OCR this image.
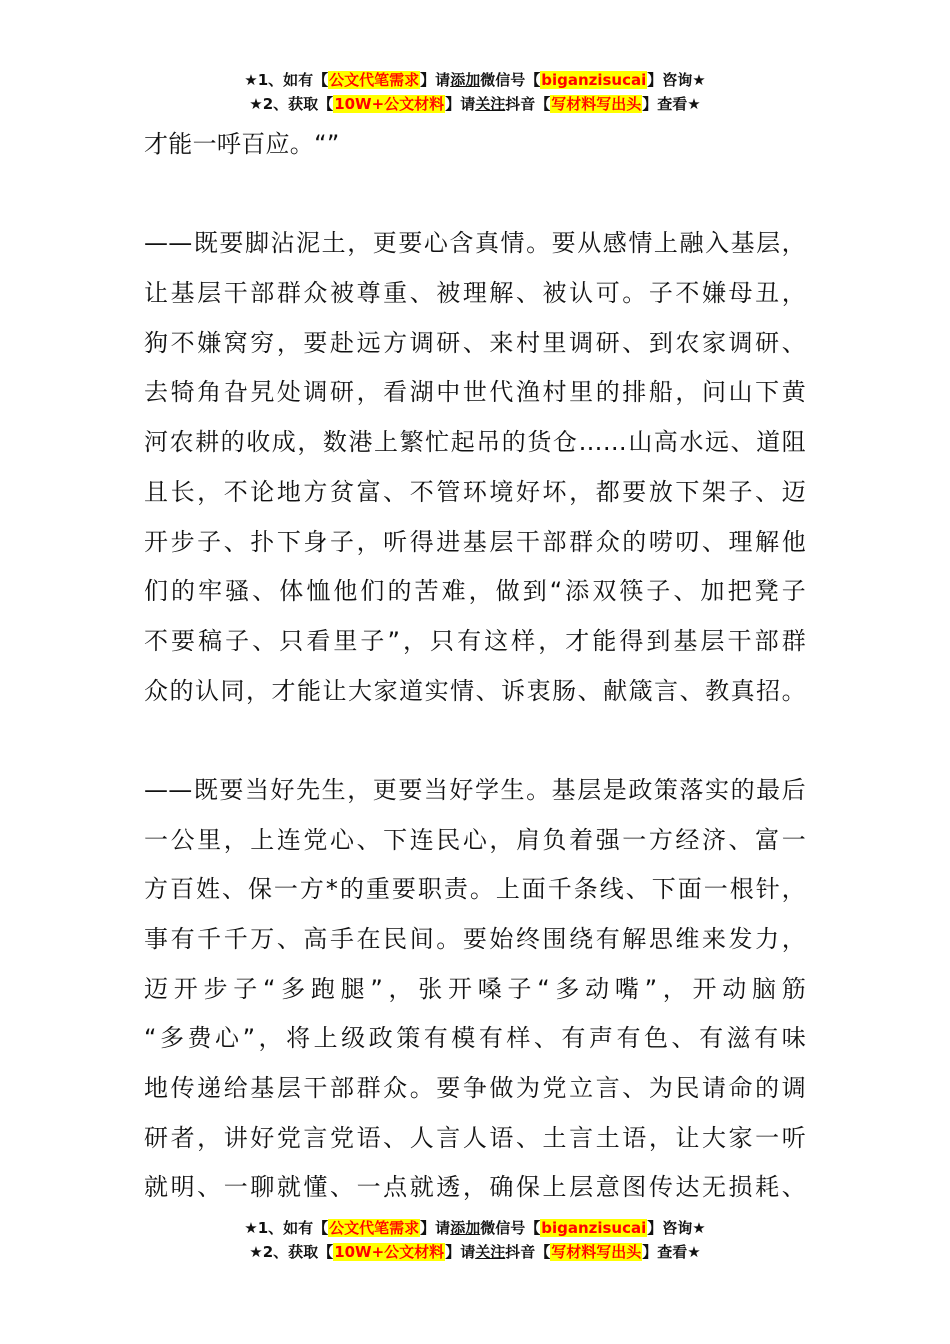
★1、如有【公文代笔需求】请添加微信号【biganzisucai】咨询★
★2、获取【10W+公文材料】请关注抖音【写材料写出头】查看★
才能一呼百应。“”
——既要脚沾泥土，更要心含真情。要从感情上融入基层，
让基层干部群众被尊重、被理解、被认可。子不嫌母丑，
狗不嫌窝穷，要赴远方调研、来村里调研、到农家调研、
去犄角旮旯处调研，看湖中世代渔村里的排船，问山下黄
河农耕的收成，数港上繁忙起吊的货仓……山高水远、道阻
且长，不论地方贫富、不管环境好坏，都要放下架子、迈
开步子、扑下身子，听得进基层干部群众的唠叨、理解他
们的牢骚、体恤他们的苦难，做到“添双筷子、加把凳子
不要稿子、只看里子”，只有这样，才能得到基层干部群
众的认同，才能让大家道实情、诉衷肠、献箴言、教真招。
——既要当好先生，更要当好学生。基层是政策落实的最后
一公里，上连党心、下连民心，肩负着强一方经济、富一
方百姓、保一方*的重要职责。上面千条线、下面一根针，
事有千千万、高手在民间。要始终围绕有解思维来发力，
迈开步子“多跑腿”，张开嗓子“多动嘴”，开动脑筋
“多费心”，将上级政策有模有样、有声有色、有滋有味
地传递给基层干部群众。要争做为党立言、为民请命的调
研者，讲好党言党语、人言人语、土言土语，让大家一听
就明、一聊就懂、一点就透，确保上层意图传达无损耗、
★1、如有【公文代笔需求】请添加微信号【biganzisucai】咨询★
★2、获取【10W+公文材料】请关注抖音【写材料写出头】查看★
